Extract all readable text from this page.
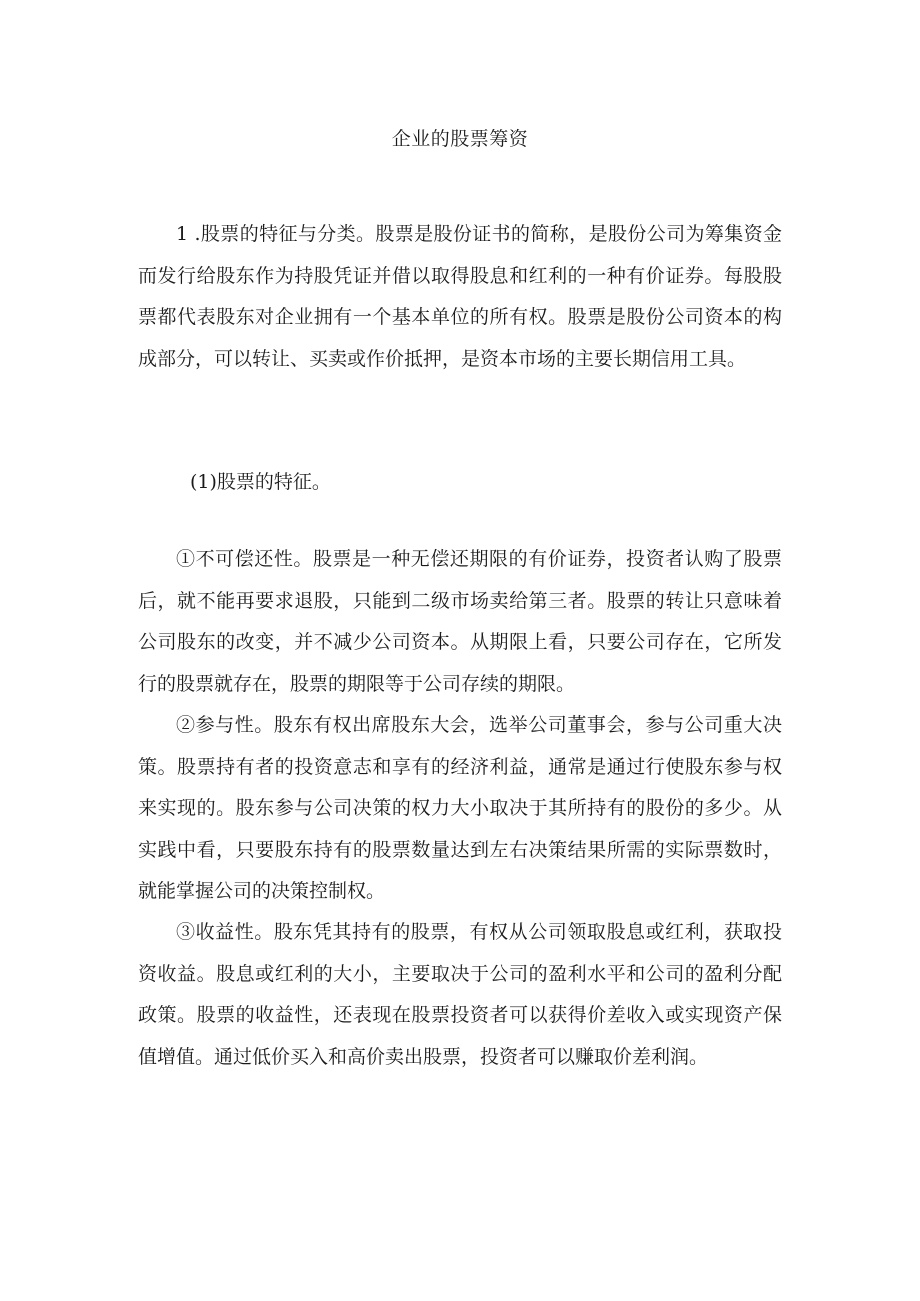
企业的股票筹资

1 .股票的特征与分类。股票是股份证书的简称，是股份公司为筹集资金而发行给股东作为持股凭证并借以取得股息和红利的一种有价证券。每股股票都代表股东对企业拥有一个基本单位的所有权。股票是股份公司资本的构成部分，可以转让、买卖或作价抵押，是资本市场的主要长期信用工具。

(1)股票的特征。

①不可偿还性。股票是一种无偿还期限的有价证券，投资者认购了股票后，就不能再要求退股，只能到二级市场卖给第三者。股票的转让只意味着公司股东的改变，并不减少公司资本。从期限上看，只要公司存在，它所发行的股票就存在，股票的期限等于公司存续的期限。

②参与性。股东有权出席股东大会，选举公司董事会，参与公司重大决策。股票持有者的投资意志和享有的经济利益，通常是通过行使股东参与权来实现的。股东参与公司决策的权力大小取决于其所持有的股份的多少。从实践中看，只要股东持有的股票数量达到左右决策结果所需的实际票数时，就能掌握公司的决策控制权。

③收益性。股东凭其持有的股票，有权从公司领取股息或红利，获取投资收益。股息或红利的大小，主要取决于公司的盈利水平和公司的盈利分配政策。股票的收益性，还表现在股票投资者可以获得价差收入或实现资产保值增值。通过低价买入和高价卖出股票，投资者可以赚取价差利润。
